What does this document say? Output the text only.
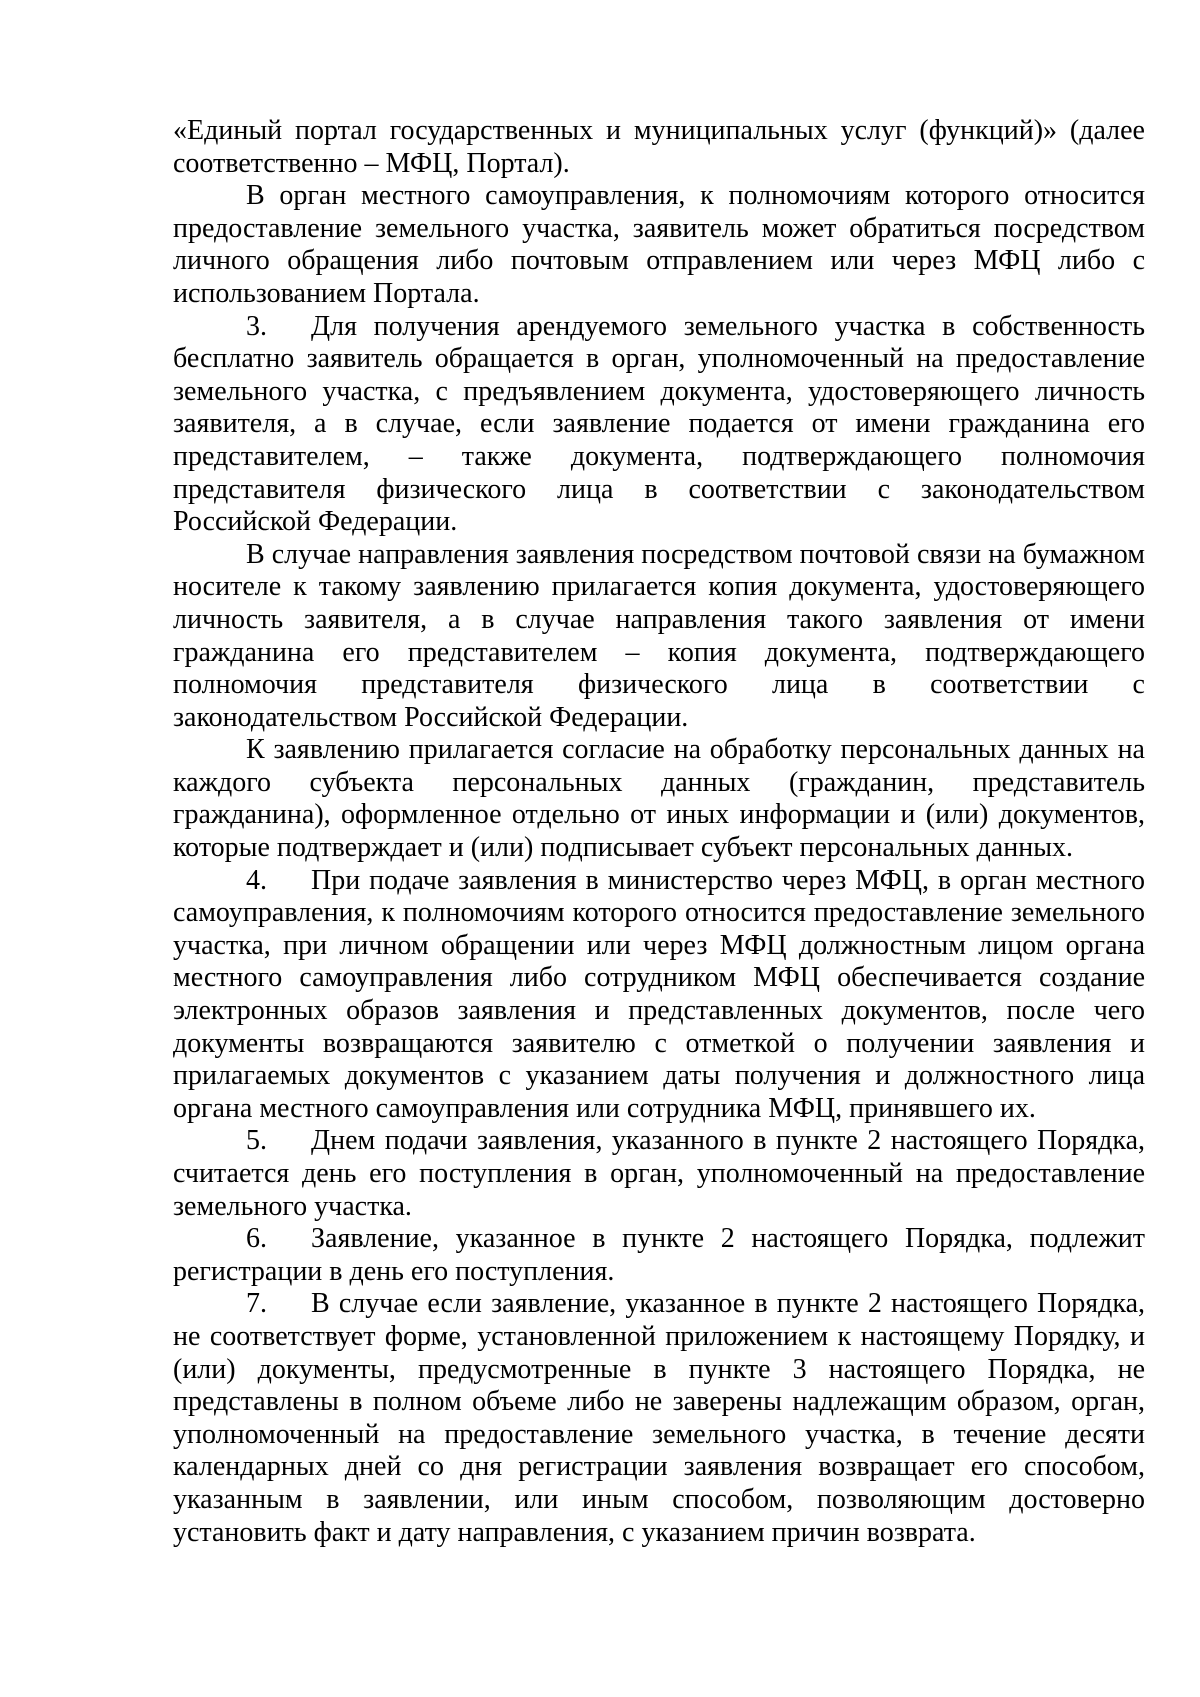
«Единый портал государственных и муниципальных услуг (функций)» (далее соответственно – МФЦ, Портал).

В орган местного самоуправления, к полномочиям которого относится предоставление земельного участка, заявитель может обратиться посредством личного обращения либо почтовым отправлением или через МФЦ либо с использованием Портала.

3. Для получения арендуемого земельного участка в собственность бесплатно заявитель обращается в орган, уполномоченный на предоставление земельного участка, с предъявлением документа, удостоверяющего личность заявителя, а в случае, если заявление подается от имени гражданина его представителем, – также документа, подтверждающего полномочия представителя физического лица в соответствии с законодательством Российской Федерации.

В случае направления заявления посредством почтовой связи на бумажном носителе к такому заявлению прилагается копия документа, удостоверяющего личность заявителя, а в случае направления такого заявления от имени гражданина его представителем – копия документа, подтверждающего полномочия представителя физического лица в соответствии с законодательством Российской Федерации.

К заявлению прилагается согласие на обработку персональных данных на каждого субъекта персональных данных (гражданин, представитель гражданина), оформленное отдельно от иных информации и (или) документов, которые подтверждает и (или) подписывает субъект персональных данных.

4. При подаче заявления в министерство через МФЦ, в орган местного самоуправления, к полномочиям которого относится предоставление земельного участка, при личном обращении или через МФЦ должностным лицом органа местного самоуправления либо сотрудником МФЦ обеспечивается создание электронных образов заявления и представленных документов, после чего документы возвращаются заявителю с отметкой о получении заявления и прилагаемых документов с указанием даты получения и должностного лица органа местного самоуправления или сотрудника МФЦ, принявшего их.

5. Днем подачи заявления, указанного в пункте 2 настоящего Порядка, считается день его поступления в орган, уполномоченный на предоставление земельного участка.

6. Заявление, указанное в пункте 2 настоящего Порядка, подлежит регистрации в день его поступления.

7. В случае если заявление, указанное в пункте 2 настоящего Порядка, не соответствует форме, установленной приложением к настоящему Порядку, и (или) документы, предусмотренные в пункте 3 настоящего Порядка, не представлены в полном объеме либо не заверены надлежащим образом, орган, уполномоченный на предоставление земельного участка, в течение десяти календарных дней со дня регистрации заявления возвращает его способом, указанным в заявлении, или иным способом, позволяющим достоверно установить факт и дату направления, с указанием причин возврата.
